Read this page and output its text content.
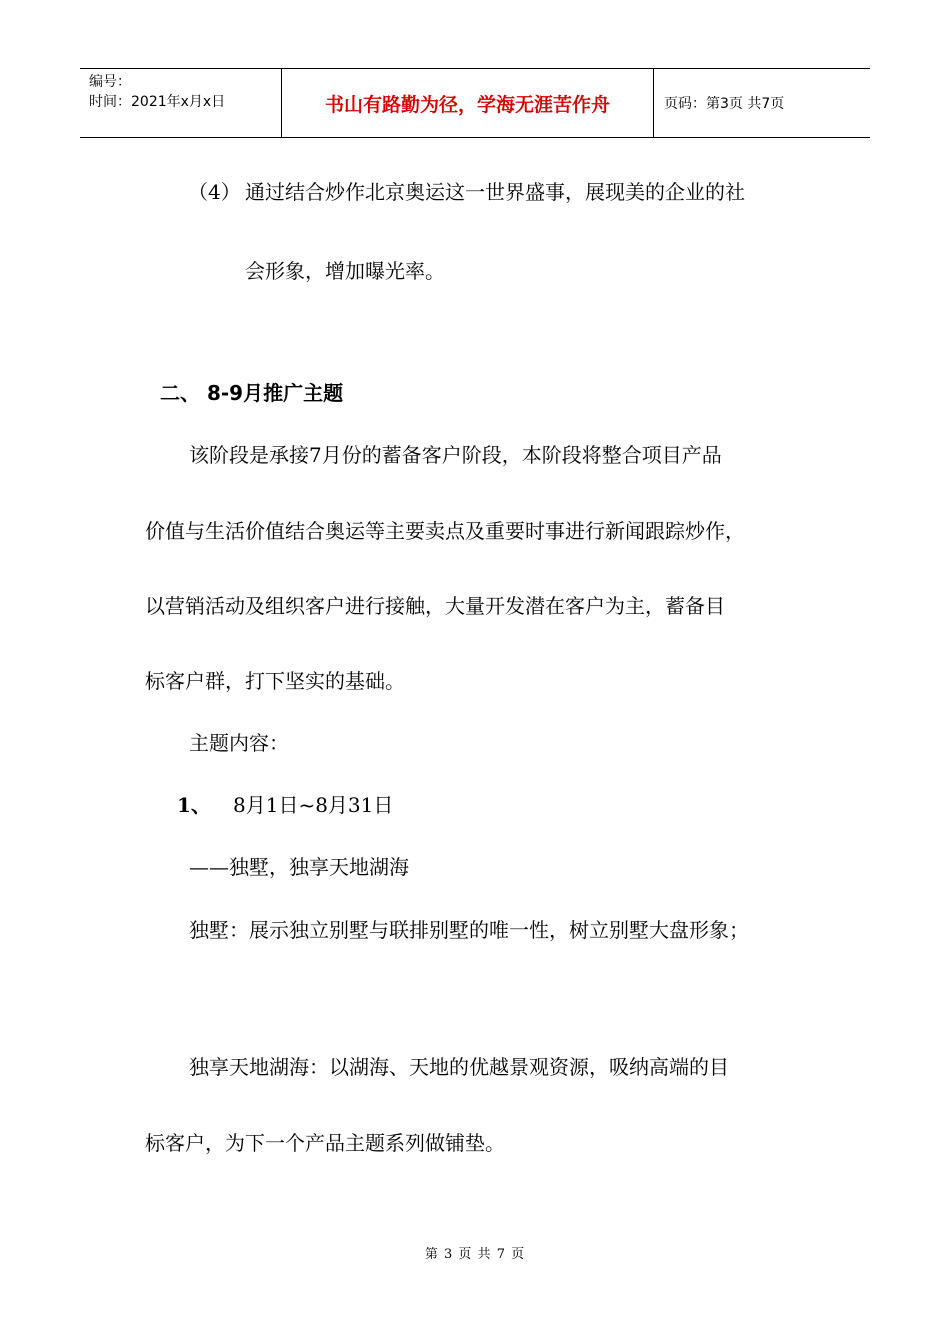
编号：
时间：2021年x月x日	书山有路勤为径，学海无涯苦作舟	页码：第3页 共7页
（4） 通过结合炒作北京奥运这一世界盛事，展现美的企业的社
会形象，增加曝光率。
二、 8-9月推广主题
该阶段是承接7月份的蓄备客户阶段，本阶段将整合项目产品
价值与生活价值结合奥运等主要卖点及重要时事进行新闻跟踪炒作，
以营销活动及组织客户进行接触，大量开发潜在客户为主，蓄备目
标客户群，打下坚实的基础。
主题内容：
1、 8月1日~8月31日
——独墅，独享天地湖海
独墅：展示独立别墅与联排别墅的唯一性，树立别墅大盘形象；
独享天地湖海：以湖海、天地的优越景观资源，吸纳高端的目
标客户，为下一个产品主题系列做铺垫。
第 3 页 共 7 页
